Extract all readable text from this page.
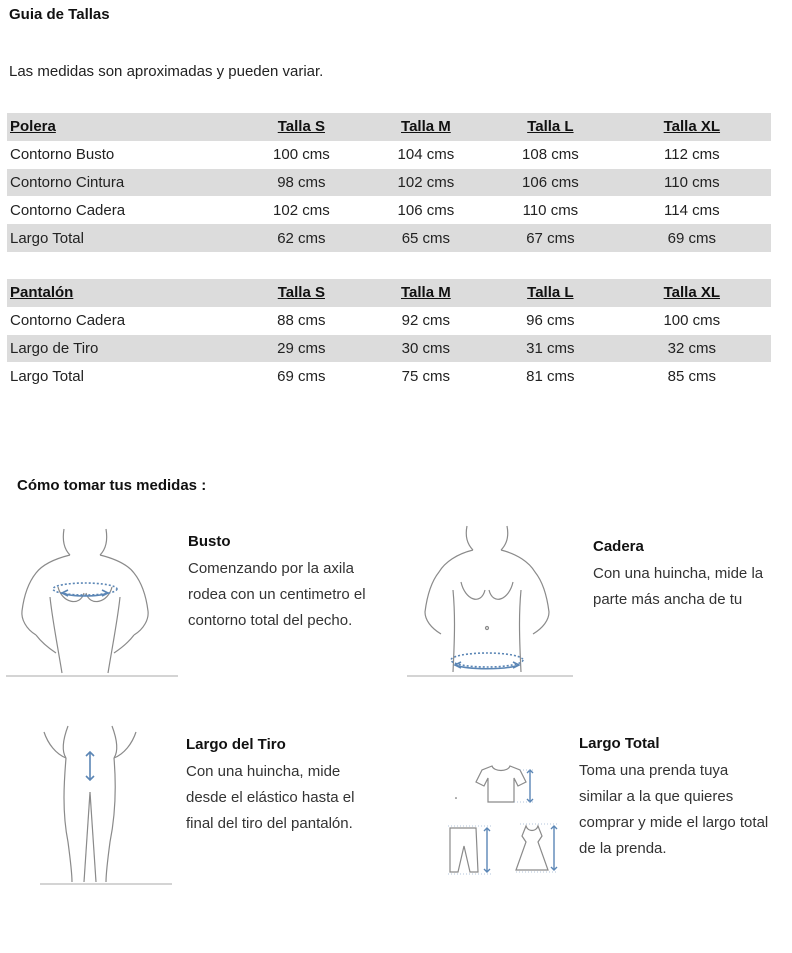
Guia de Tallas
Las medidas son aproximadas y pueden variar.
Polera	Talla S	Talla M	Talla L	Talla XL
Contorno Busto	100 cms	104 cms	108 cms	112 cms
Contorno Cintura	98 cms	102 cms	106 cms	110 cms
Contorno Cadera	102 cms	106 cms	110 cms	114 cms
Largo Total	62 cms	65 cms	67 cms	69 cms
Pantalón	Talla S	Talla M	Talla L	Talla XL
Contorno Cadera	88 cms	92 cms	96 cms	100 cms
Largo de Tiro	29 cms	30 cms	31 cms	32 cms
Largo Total	69 cms	75 cms	81 cms	85 cms
Cómo tomar tus medidas :
Busto

Comenzando por la axila
rodea con un centimetro el
contorno total del pecho.

Cadera

Con una huincha, mide la
parte más ancha de tu

Largo del Tiro

Con una huincha, mide
desde el elástico hasta el
final del tiro del pantalón.

Largo Total

Toma una prenda tuya
similar a la que quieres
comprar y mide el largo total
de la prenda.
